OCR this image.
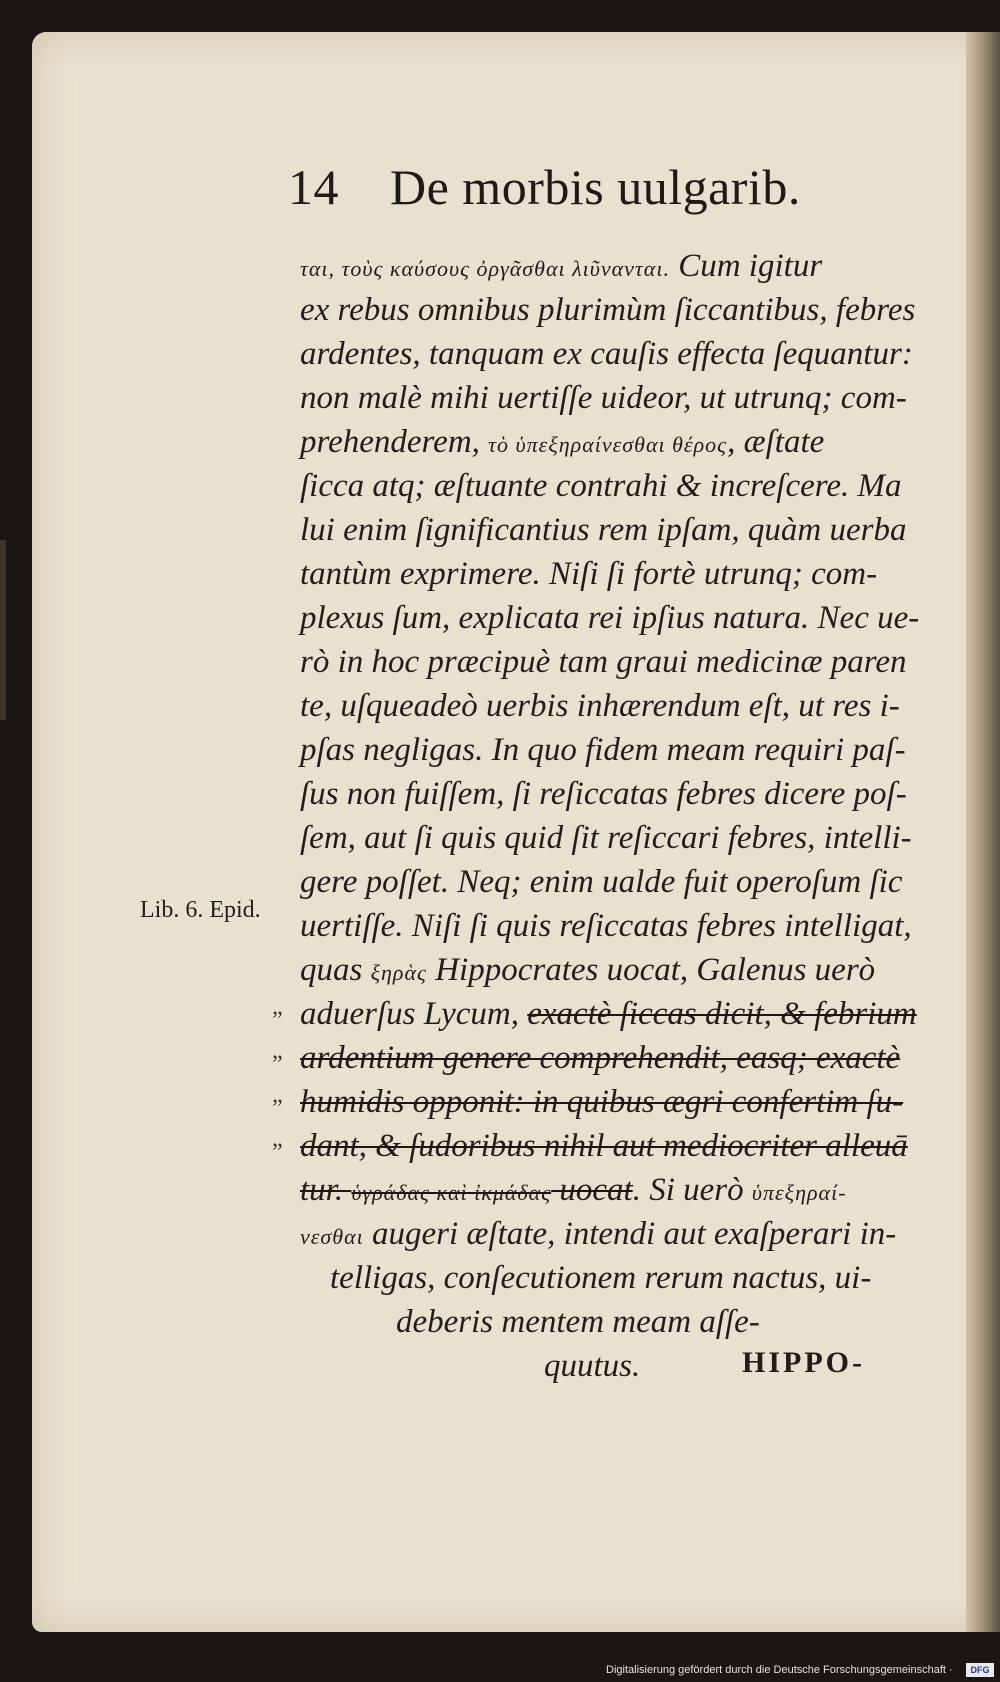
14 De morbis uulgarib.
ται, τοὺς καύσους ὀργᾶσθαι λιῦνανται. Cum igitur
ex rebus omnibus plurimùm ſiccantibus, febres
ardentes, tanquam ex cauſis effecta ſequantur:
non malè mihi uertiſſe uideor, ut utrunq; com-
prehenderem, τὸ ὑπεξηραίνεσθαι θέρος, æſtate
ſicca atq; æſtuante contrahi & increſcere. Ma
lui enim ſignificantius rem ipſam, quàm uerba
tantùm exprimere. Niſi ſi fortè utrunq; com-
plexus ſum, explicata rei ipſius natura. Nec ue-
rò in hoc præcipuè tam graui medicinæ paren
te, uſqueadeò uerbis inhærendum eſt, ut res i-
pſas negligas. In quo fidem meam requiri paſ-
ſus non fuiſſem, ſi reſiccatas febres dicere poſ-
ſem, aut ſi quis quid ſit reſiccari febres, intelli-
gere poſſet. Neq; enim ualde fuit operoſum ſic
uertiſſe. Niſi ſi quis reſiccatas febres intelligat,
quas ξηρὰς Hippocrates uocat, Galenus uerò
aduerſus Lycum, exactè ſiccas dicit, & febrium
ardentium genere comprehendit, easq; exactè
humidis opponit: in quibus ægri confertim ſu-
dant, & ſudoribus nihil aut mediocriter alleuā
tur. ὑγράδας καὶ ἰκμάδας uocat. Si uerò ὑπεξηραί-
νεσθαι augeri æſtate, intendi aut exaſperari in-
telligas, conſecutionem rerum nactus, ui-
deberis mentem meam aſſe-
quutus.
Lib. 6. Epid.
„
„
„
„
HIPPO-
Digitalisierung gefördert durch die Deutsche Forschungsgemeinschaft ·	DFG
